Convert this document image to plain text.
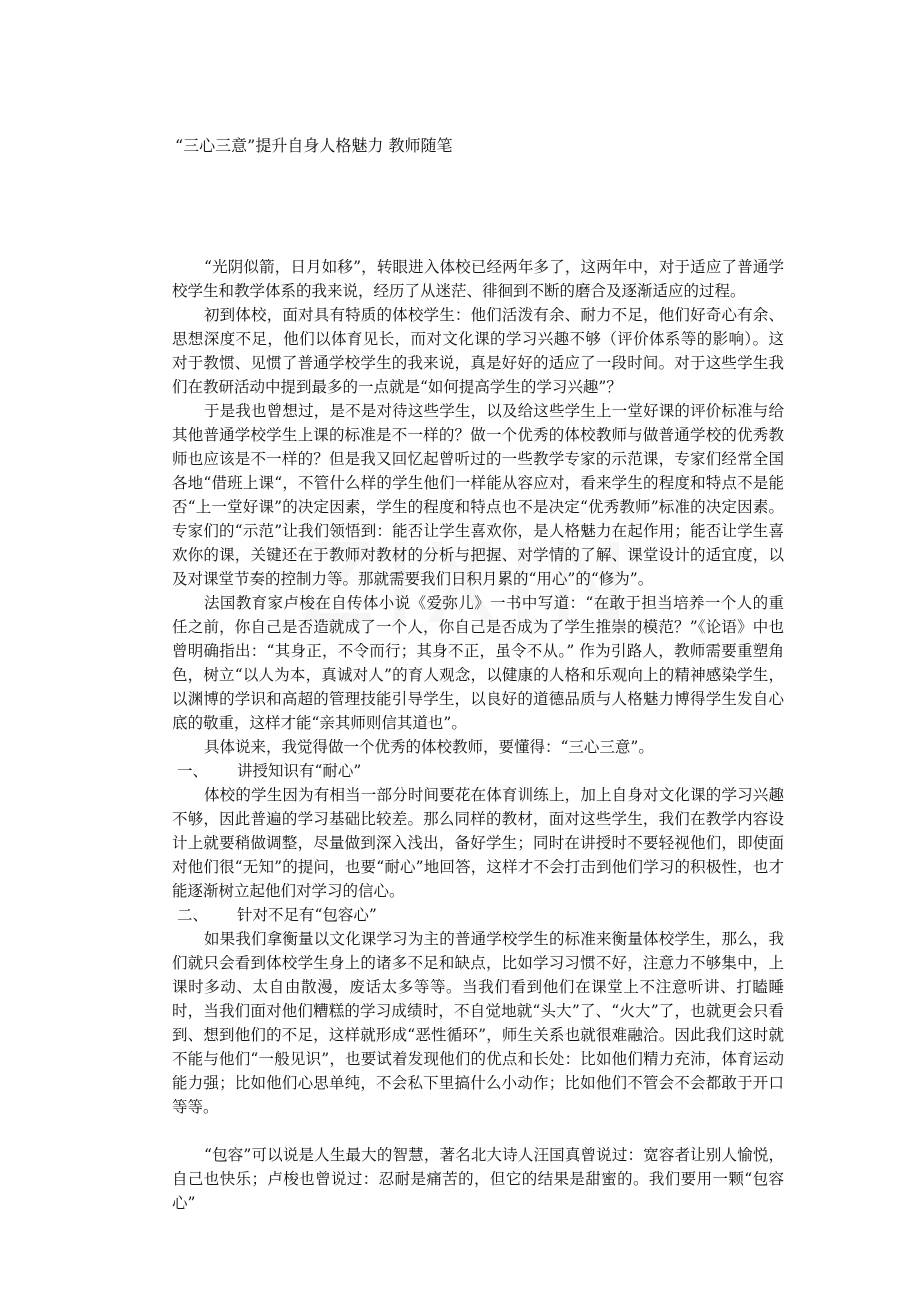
“三心三意”提升自身人格魅力 教师随笔

“光阴似箭，日月如移”，转眼进入体校已经两年多了，这两年中，对于适应了普通学校学生和教学体系的我来说，经历了从迷茫、徘徊到不断的磨合及逐渐适应的过程。

初到体校，面对具有特质的体校学生：他们活泼有余、耐力不足，他们好奇心有余、思想深度不足，他们以体育见长，而对文化课的学习兴趣不够（评价体系等的影响）。这对于教惯、见惯了普通学校学生的我来说，真是好好的适应了一段时间。对于这些学生我们在教研活动中提到最多的一点就是“如何提高学生的学习兴趣”？

于是我也曾想过，是不是对待这些学生，以及给这些学生上一堂好课的评价标准与给其他普通学校学生上课的标准是不一样的？做一个优秀的体校教师与做普通学校的优秀教师也应该是不一样的？但是我又回忆起曾听过的一些教学专家的示范课，专家们经常全国各地“借班上课“，不管什么样的学生他们一样能从容应对，看来学生的程度和特点不是能否“上一堂好课”的决定因素，学生的程度和特点也不是决定“优秀教师”标准的决定因素。专家们的“示范”让我们领悟到：能否让学生喜欢你，是人格魅力在起作用；能否让学生喜欢你的课，关键还在于教师对教材的分析与把握、对学情的了解、课堂设计的适宜度，以及对课堂节奏的控制力等。那就需要我们日积月累的“用心”的“修为”。

法国教育家卢梭在自传体小说《爱弥儿》一书中写道：“在敢于担当培养一个人的重任之前，你自己是否造就成了一个人，你自己是否成为了学生推崇的模范？”《论语》中也曾明确指出：“其身正，不令而行；其身不正，虽令不从。” 作为引路人，教师需要重塑角色，树立“以人为本，真诚对人”的育人观念，以健康的人格和乐观向上的精神感染学生，以渊博的学识和高超的管理技能引导学生，以良好的道德品质与人格魅力博得学生发自心底的敬重，这样才能“亲其师则信其道也”。

具体说来，我觉得做一个优秀的体校教师，要懂得：“三心三意”。

一、 讲授知识有“耐心”

体校的学生因为有相当一部分时间要花在体育训练上，加上自身对文化课的学习兴趣不够，因此普遍的学习基础比较差。那么同样的教材，面对这些学生，我们在教学内容设计上就要稍做调整，尽量做到深入浅出，备好学生；同时在讲授时不要轻视他们，即使面对他们很“无知”的提问，也要“耐心”地回答，这样才不会打击到他们学习的积极性，也才能逐渐树立起他们对学习的信心。

二、 针对不足有“包容心”

如果我们拿衡量以文化课学习为主的普通学校学生的标准来衡量体校学生，那么，我们就只会看到体校学生身上的诸多不足和缺点，比如学习习惯不好，注意力不够集中，上课时多动、太自由散漫，废话太多等等。当我们看到他们在课堂上不注意听讲、打瞌睡时，当我们面对他们糟糕的学习成绩时，不自觉地就“头大”了、“火大”了，也就更会只看到、想到他们的不足，这样就形成“恶性循环”，师生关系也就很难融洽。因此我们这时就不能与他们“一般见识”，也要试着发现他们的优点和长处：比如他们精力充沛，体育运动能力强；比如他们心思单纯，不会私下里搞什么小动作；比如他们不管会不会都敢于开口等等。

“包容”可以说是人生最大的智慧，著名北大诗人汪国真曾说过：宽容者让别人愉悦，自己也快乐；卢梭也曾说过：忍耐是痛苦的，但它的结果是甜蜜的。我们要用一颗“包容心”
